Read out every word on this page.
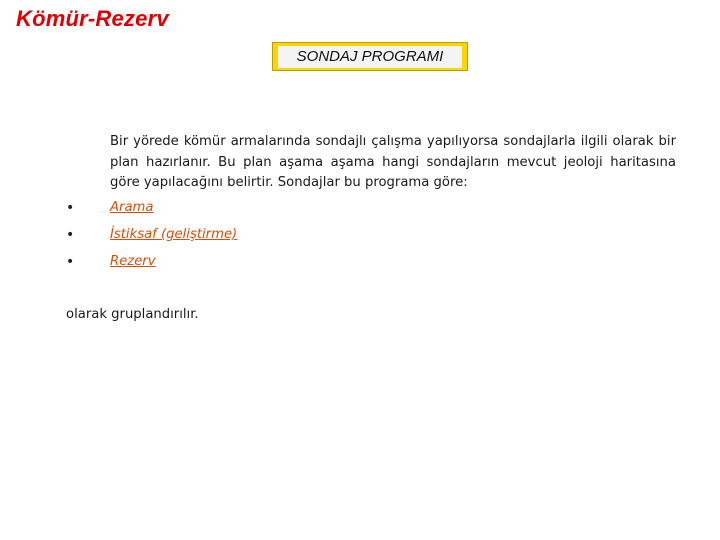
Kömür-Rezerv
SONDAJ PROGRAMI
Bir yörede kömür armalarında sondajlı çalışma yapılıyorsa sondajlarla ilgili olarak bir plan hazırlanır. Bu plan aşama aşama hangi sondajların mevcut jeoloji haritasına göre yapılacağını belirtir. Sondajlar bu programa göre:
•	Arama
•	İstiksaf (geliştirme)
•	Rezerv
olarak gruplandırılır.
